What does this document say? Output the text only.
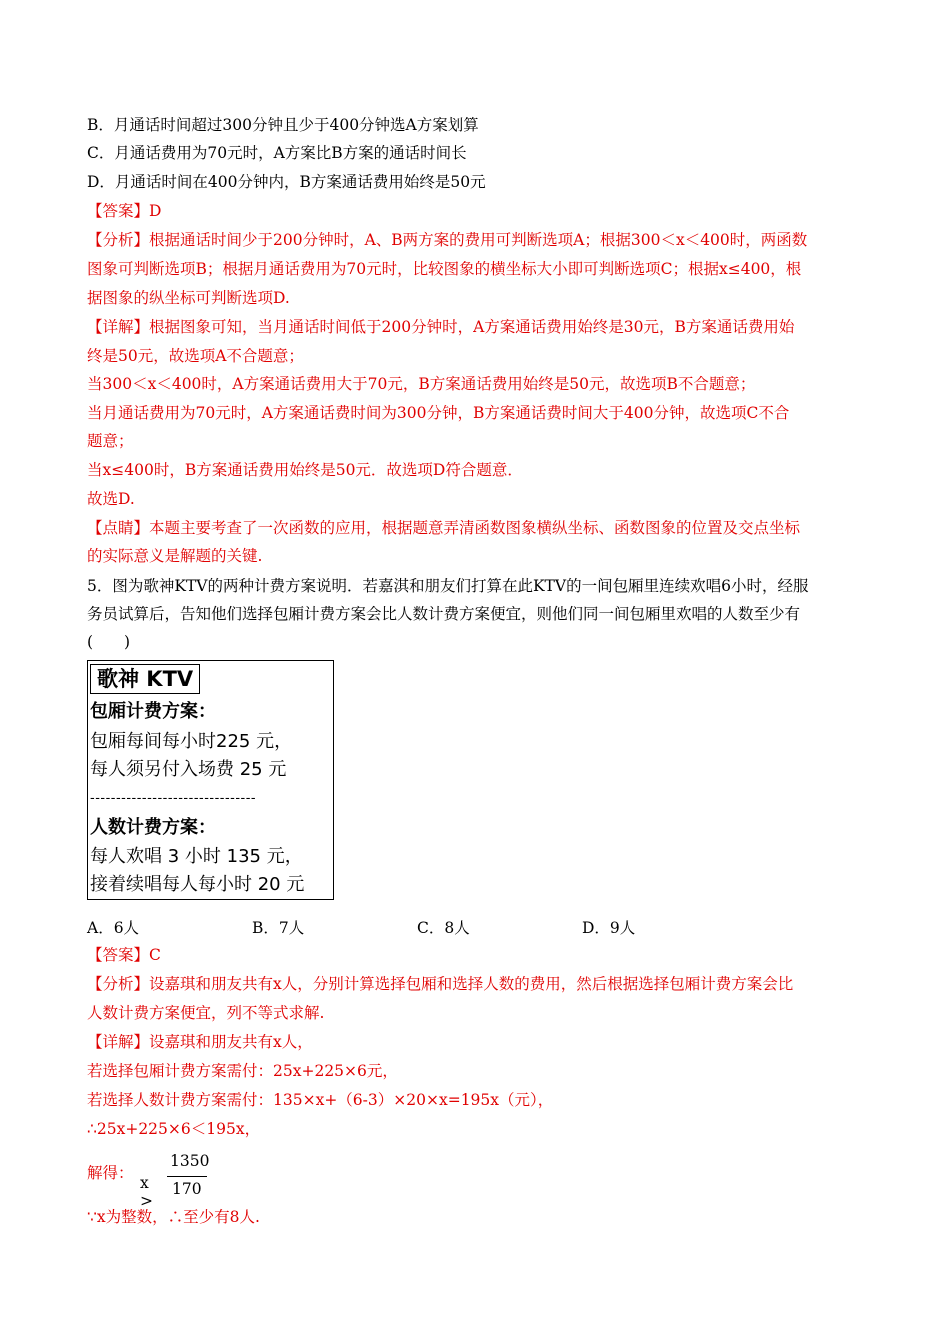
B．月通话时间超过300分钟且少于400分钟选A方案划算
C．月通话费用为70元时，A方案比B方案的通话时间长
D．月通话时间在400分钟内，B方案通话费用始终是50元
【答案】D
【分析】根据通话时间少于200分钟时，A、B两方案的费用可判断选项A；根据300＜x＜400时，两函数
图象可判断选项B；根据月通话费用为70元时，比较图象的横坐标大小即可判断选项C；根据x≤400，根
据图象的纵坐标可判断选项D.
【详解】根据图象可知，当月通话时间低于200分钟时，A方案通话费用始终是30元，B方案通话费用始
终是50元，故选项A不合题意；
当300＜x＜400时，A方案通话费用大于70元，B方案通话费用始终是50元，故选项B不合题意；
当月通话费用为70元时，A方案通话费时间为300分钟，B方案通话费时间大于400分钟，故选项C不合
题意；
当x≤400时，B方案通话费用始终是50元．故选项D符合题意．
故选D.
【点睛】本题主要考查了一次函数的应用，根据题意弄清函数图象横纵坐标、函数图象的位置及交点坐标
的实际意义是解题的关键.
5．图为歌神KTV的两种计费方案说明．若嘉淇和朋友们打算在此KTV的一间包厢里连续欢唱6小时，经服
务员试算后，告知他们选择包厢计费方案会比人数计费方案便宜，则他们同一间包厢里欢唱的人数至少有
(　　)
歌神 KTV
包厢计费方案：
包厢每间每小时225 元，
每人须另付入场费 25 元
--------------------------------
人数计费方案：
每人欢唱 3 小时 135 元，
接着续唱每人每小时 20 元
A．6人	B．7人	C．8人	D．9人
【答案】C
【分析】设嘉琪和朋友共有x人，分别计算选择包厢和选择人数的费用，然后根据选择包厢计费方案会比
人数计费方案便宜，列不等式求解.
【详解】设嘉琪和朋友共有x人，
若选择包厢计费方案需付：25x+225×6元，
若选择人数计费方案需付：135×x+（6-3）×20×x=195x（元），
∴25x+225×6＜195x，
解得：
x >
1350
170
∵x为整数，∴至少有8人.
